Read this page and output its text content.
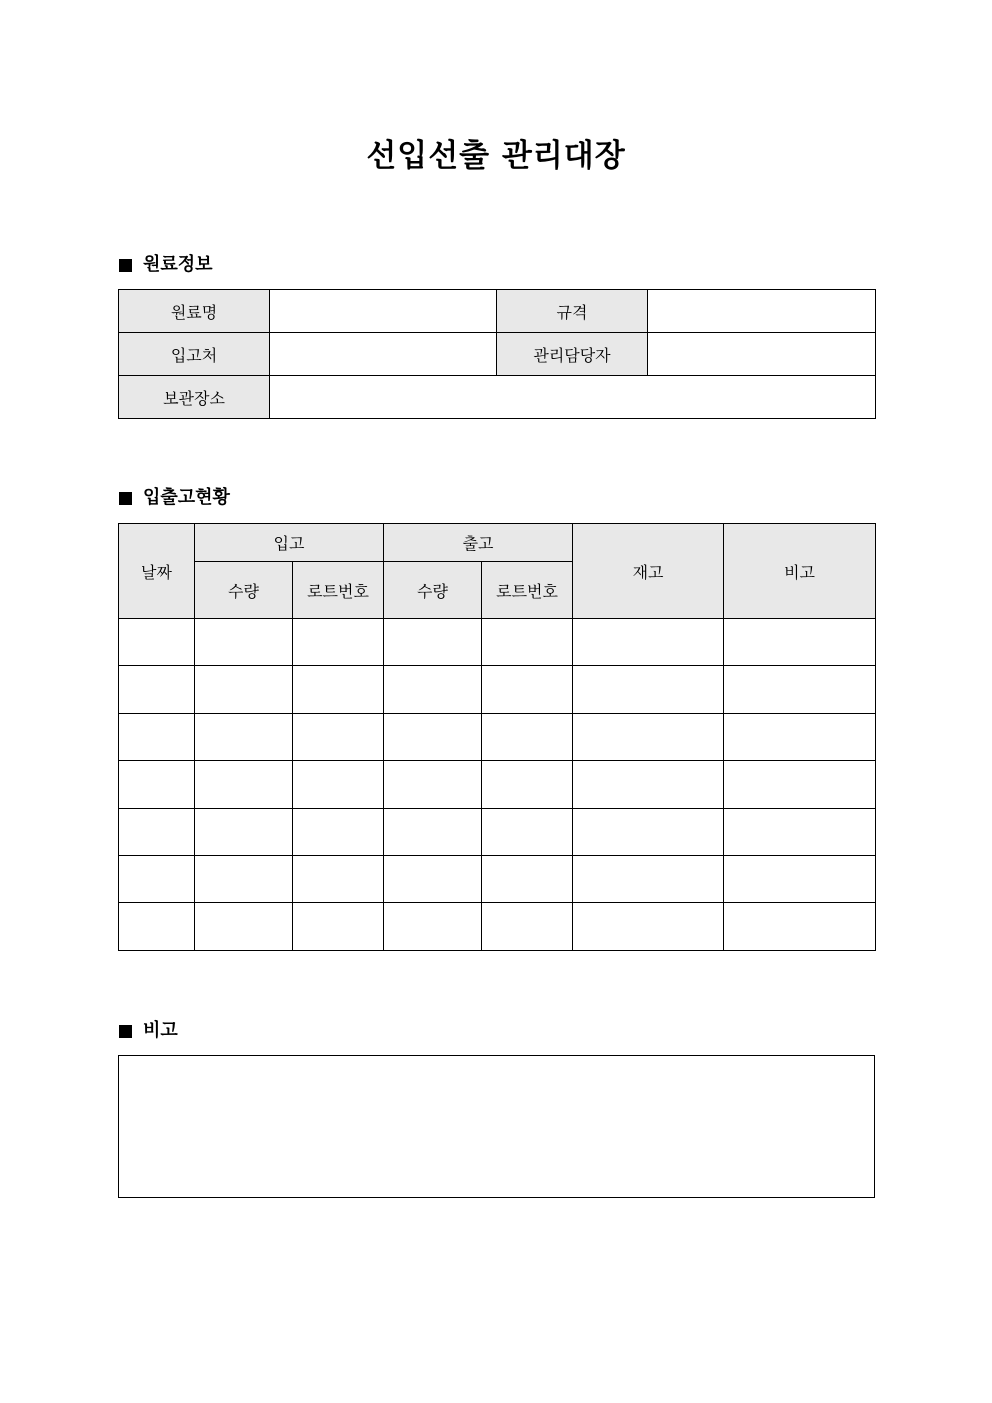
선입선출 관리대장
원료정보
원료명		규격	
입고처		관리담당자	
보관장소			
입출고현황
날짜	입고		출고		재고	비고
	수량	로트번호	수량	로트번호		

비고
